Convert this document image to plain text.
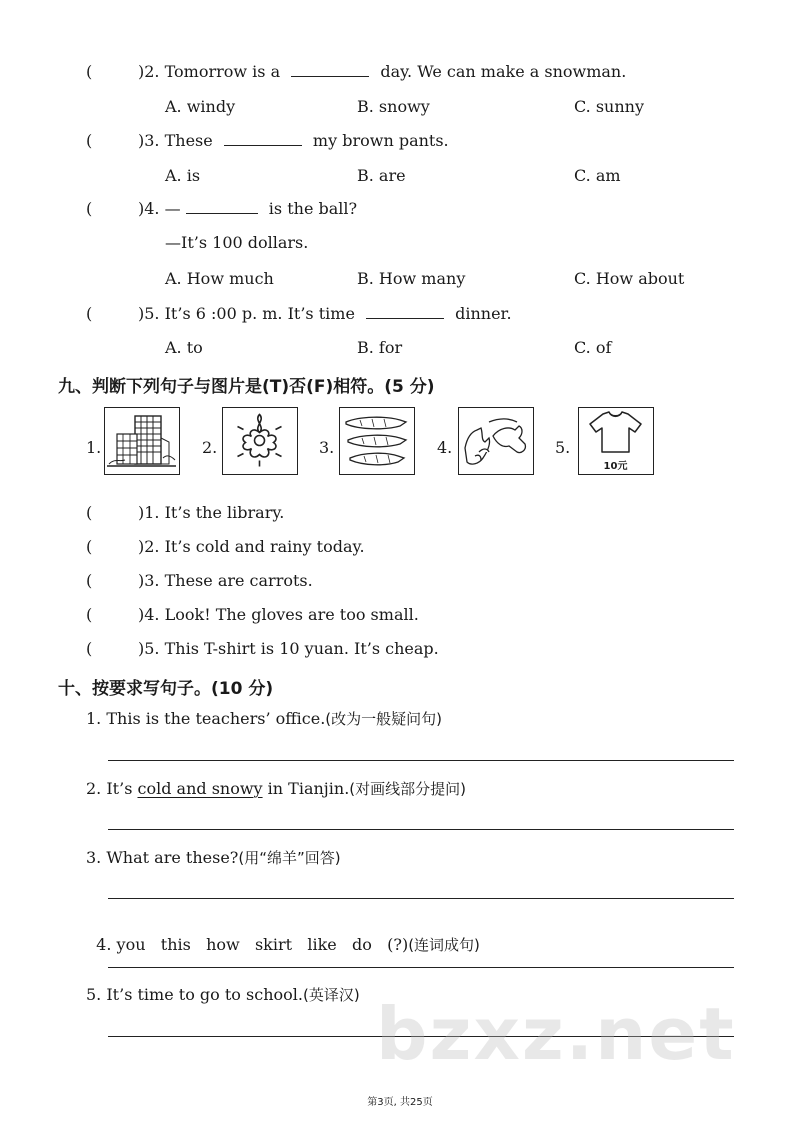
(	)2. Tomorrow is a	day. We can make a snowman.
A. windy	B. snowy	C. sunny
(	)3. These	my brown pants.
A. is	B. are	C. am
(	)4. —	is the ball?
—It’s 100 dollars.
A. How much	B. How many	C. How about
(	)5. It’s 6 :00 p. m. It’s time	dinner.
A. to	B. for	C. of
九、判断下列句子与图片是(T)否(F)相符。(5 分)
1.	2.	3.	4.	5.
10元
(	)1. It’s the library.
(	)2. It’s cold and rainy today.
(	)3. These are carrots.
(	)4. Look! The gloves are too small.
(	)5. This T-shirt is 10 yuan. It’s cheap.
十、按要求写句子。(10 分)
1. This is the teachers’ office.(改为一般疑问句)
2. It’s cold and snowy in Tianjin.(对画线部分提问)
3. What are these?(用“绵羊”回答)

4. you   this   how   skirt   like   do   (?)(连词成句)

5. It’s time to go to school.(英译汉) bzxz.net
第3页, 共25页
